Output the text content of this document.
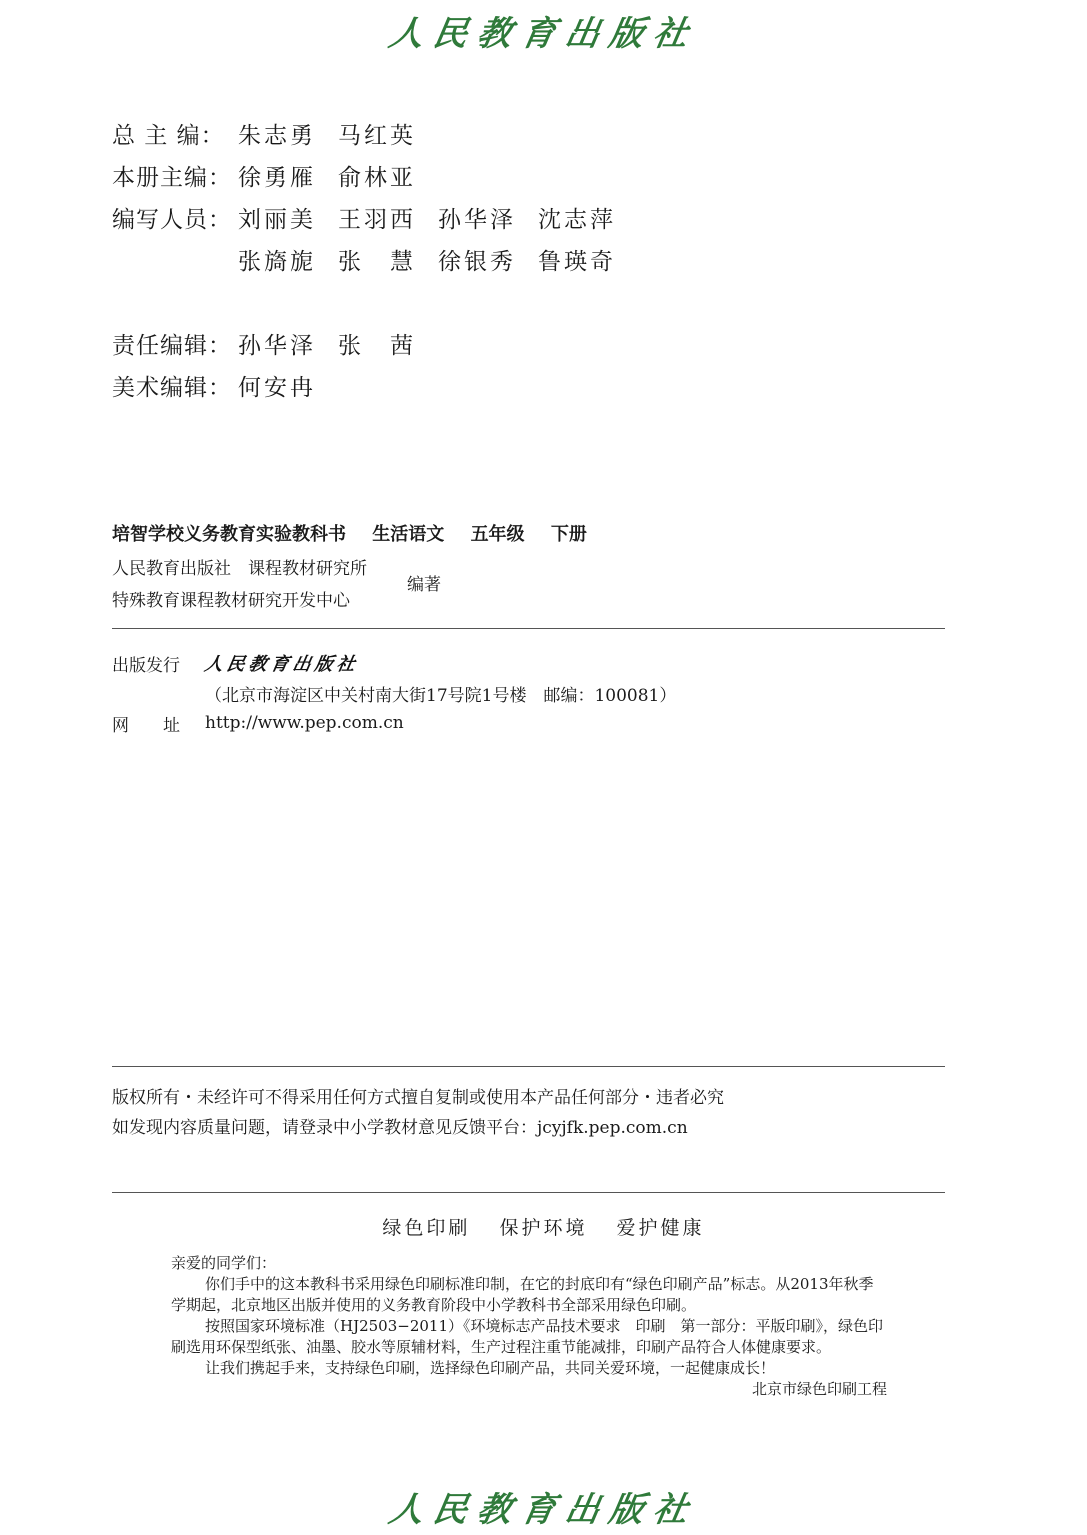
人民教育出版社
总 主 编： 朱志勇 马红英
本册主编： 徐勇雁 俞林亚
编写人员： 刘丽美 王羽西 孙华泽 沈志萍
张旖旎 张　慧 徐银秀 鲁瑛奇
责任编辑： 孙华泽 张　茜
美术编辑： 何安冉
培智学校义务教育实验教科书 生活语文 五年级 下册
人民教育出版社　课程教材研究所
特殊教育课程教材研究开发中心
编著
出版发行	人民教育出版社
（北京市海淀区中关村南大街17号院1号楼　邮编：100081）
网址
http://www.pep.com.cn
版权所有・未经许可不得采用任何方式擅自复制或使用本产品任何部分・违者必究
如发现内容质量问题，请登录中小学教材意见反馈平台：jcyjfk.pep.com.cn
绿色印刷 保护环境 爱护健康

亲爱的同学们：

你们手中的这本教科书采用绿色印刷标准印制，在它的封底印有“绿色印刷产品”标志。从2013年秋季学期起，北京地区出版并使用的义务教育阶段中小学教科书全部采用绿色印刷。

按照国家环境标准（HJ2503−2011）《环境标志产品技术要求　印刷　第一部分：平版印刷》，绿色印刷选用环保型纸张、油墨、胶水等原辅材料，生产过程注重节能减排，印刷产品符合人体健康要求。

让我们携起手来，支持绿色印刷，选择绿色印刷产品，共同关爱环境，一起健康成长！

北京市绿色印刷工程

人民教育出版社
